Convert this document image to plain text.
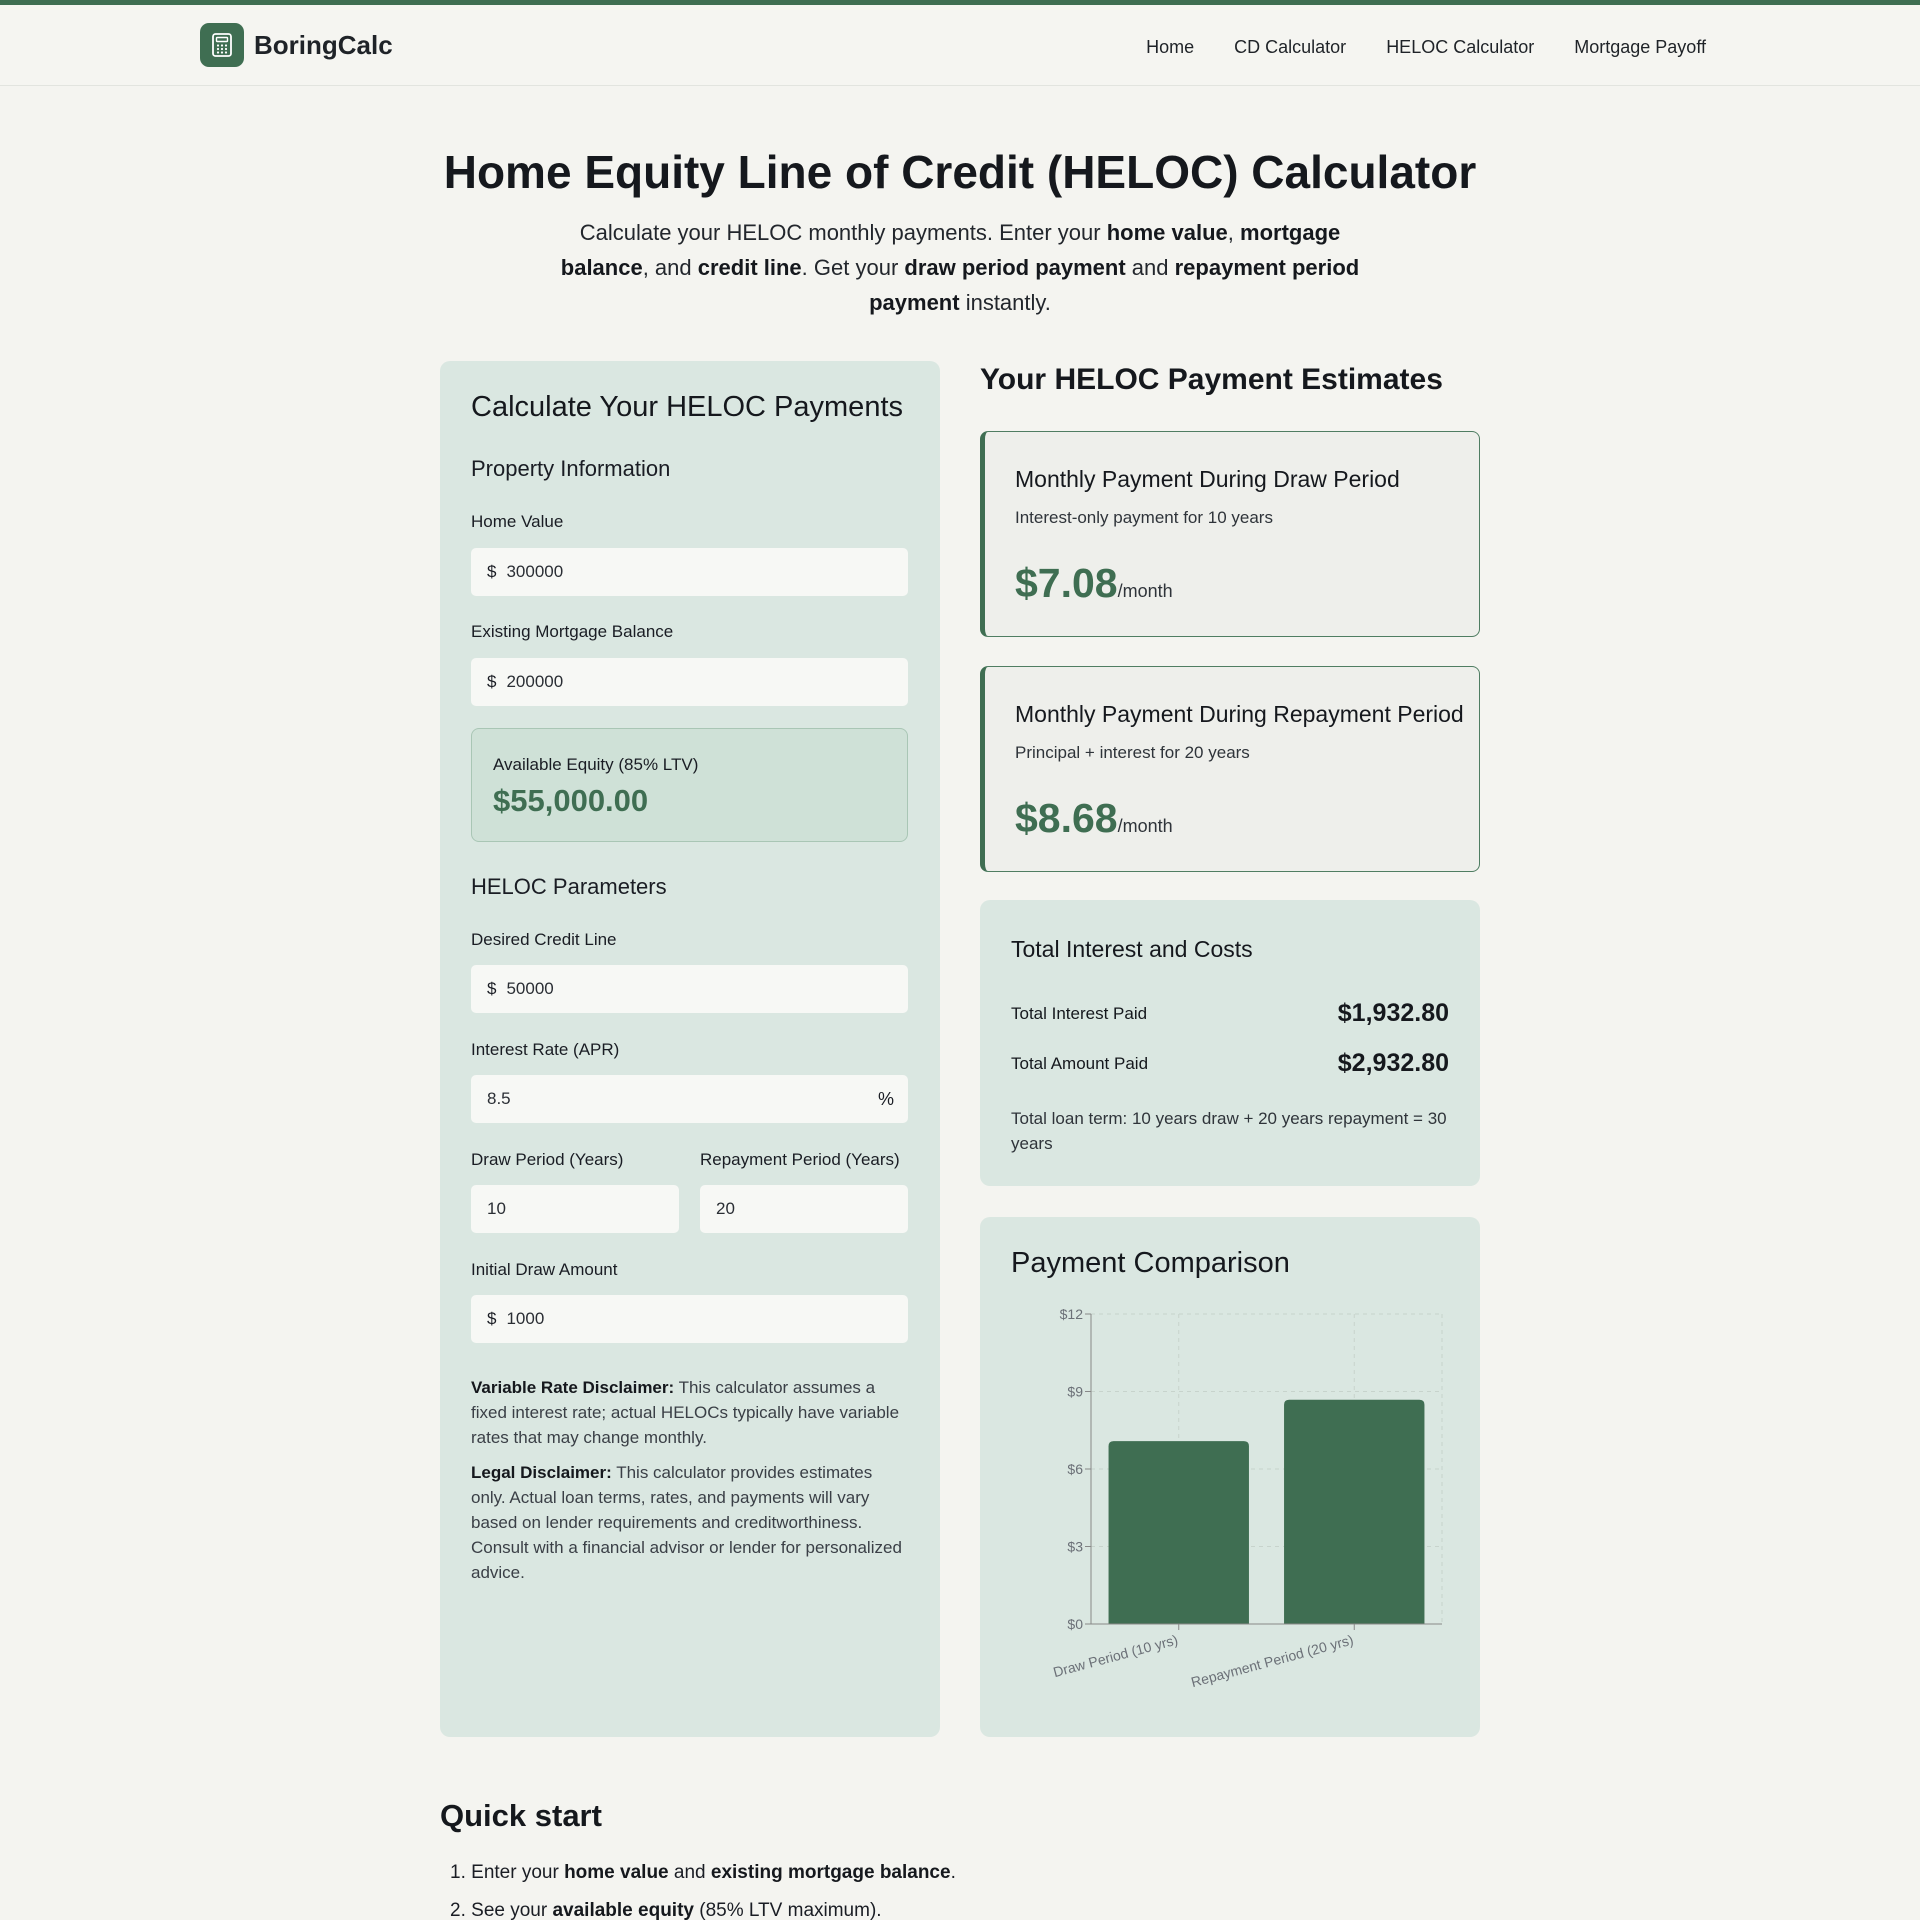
BoringCalc	Home CD Calculator HELOC Calculator Mortgage Payoff
Home Equity Line of Credit (HELOC) Calculator

Calculate your HELOC monthly payments. Enter your home value, mortgage balance, and credit line. Get your draw period payment and repayment period payment instantly.

Calculate Your HELOC Payments
Property Information
Home Value
$ 300000
Existing Mortgage Balance
$ 200000
Available Equity (85% LTV)
$55,000.00
HELOC Parameters
Desired Credit Line
$ 50000
Interest Rate (APR)
8.5	%
Draw Period (Years)	Repayment Period (Years)
10	20
Initial Draw Amount
$ 1000

Variable Rate Disclaimer: This calculator assumes a fixed interest rate; actual HELOCs typically have variable rates that may change monthly.

Legal Disclaimer: This calculator provides estimates only. Actual loan terms, rates, and payments will vary based on lender requirements and creditworthiness. Consult with a financial advisor or lender for personalized advice.

Your HELOC Payment Estimates
Monthly Payment During Draw Period
Interest-only payment for 10 years
$7.08/month
Monthly Payment During Repayment Period
Principal + interest for 20 years
$8.68/month
Total Interest and Costs
Total Interest Paid	$1,932.80
Total Amount Paid	$2,932.80
Total loan term: 10 years draw + 20 years repayment = 30 years
Payment Comparison
$0
$3
$6
$9
$12
Draw Period (10 yrs) Repayment Period (20 yrs)
Quick start
1. Enter your home value and existing mortgage balance.
2. See your available equity (85% LTV maximum).
